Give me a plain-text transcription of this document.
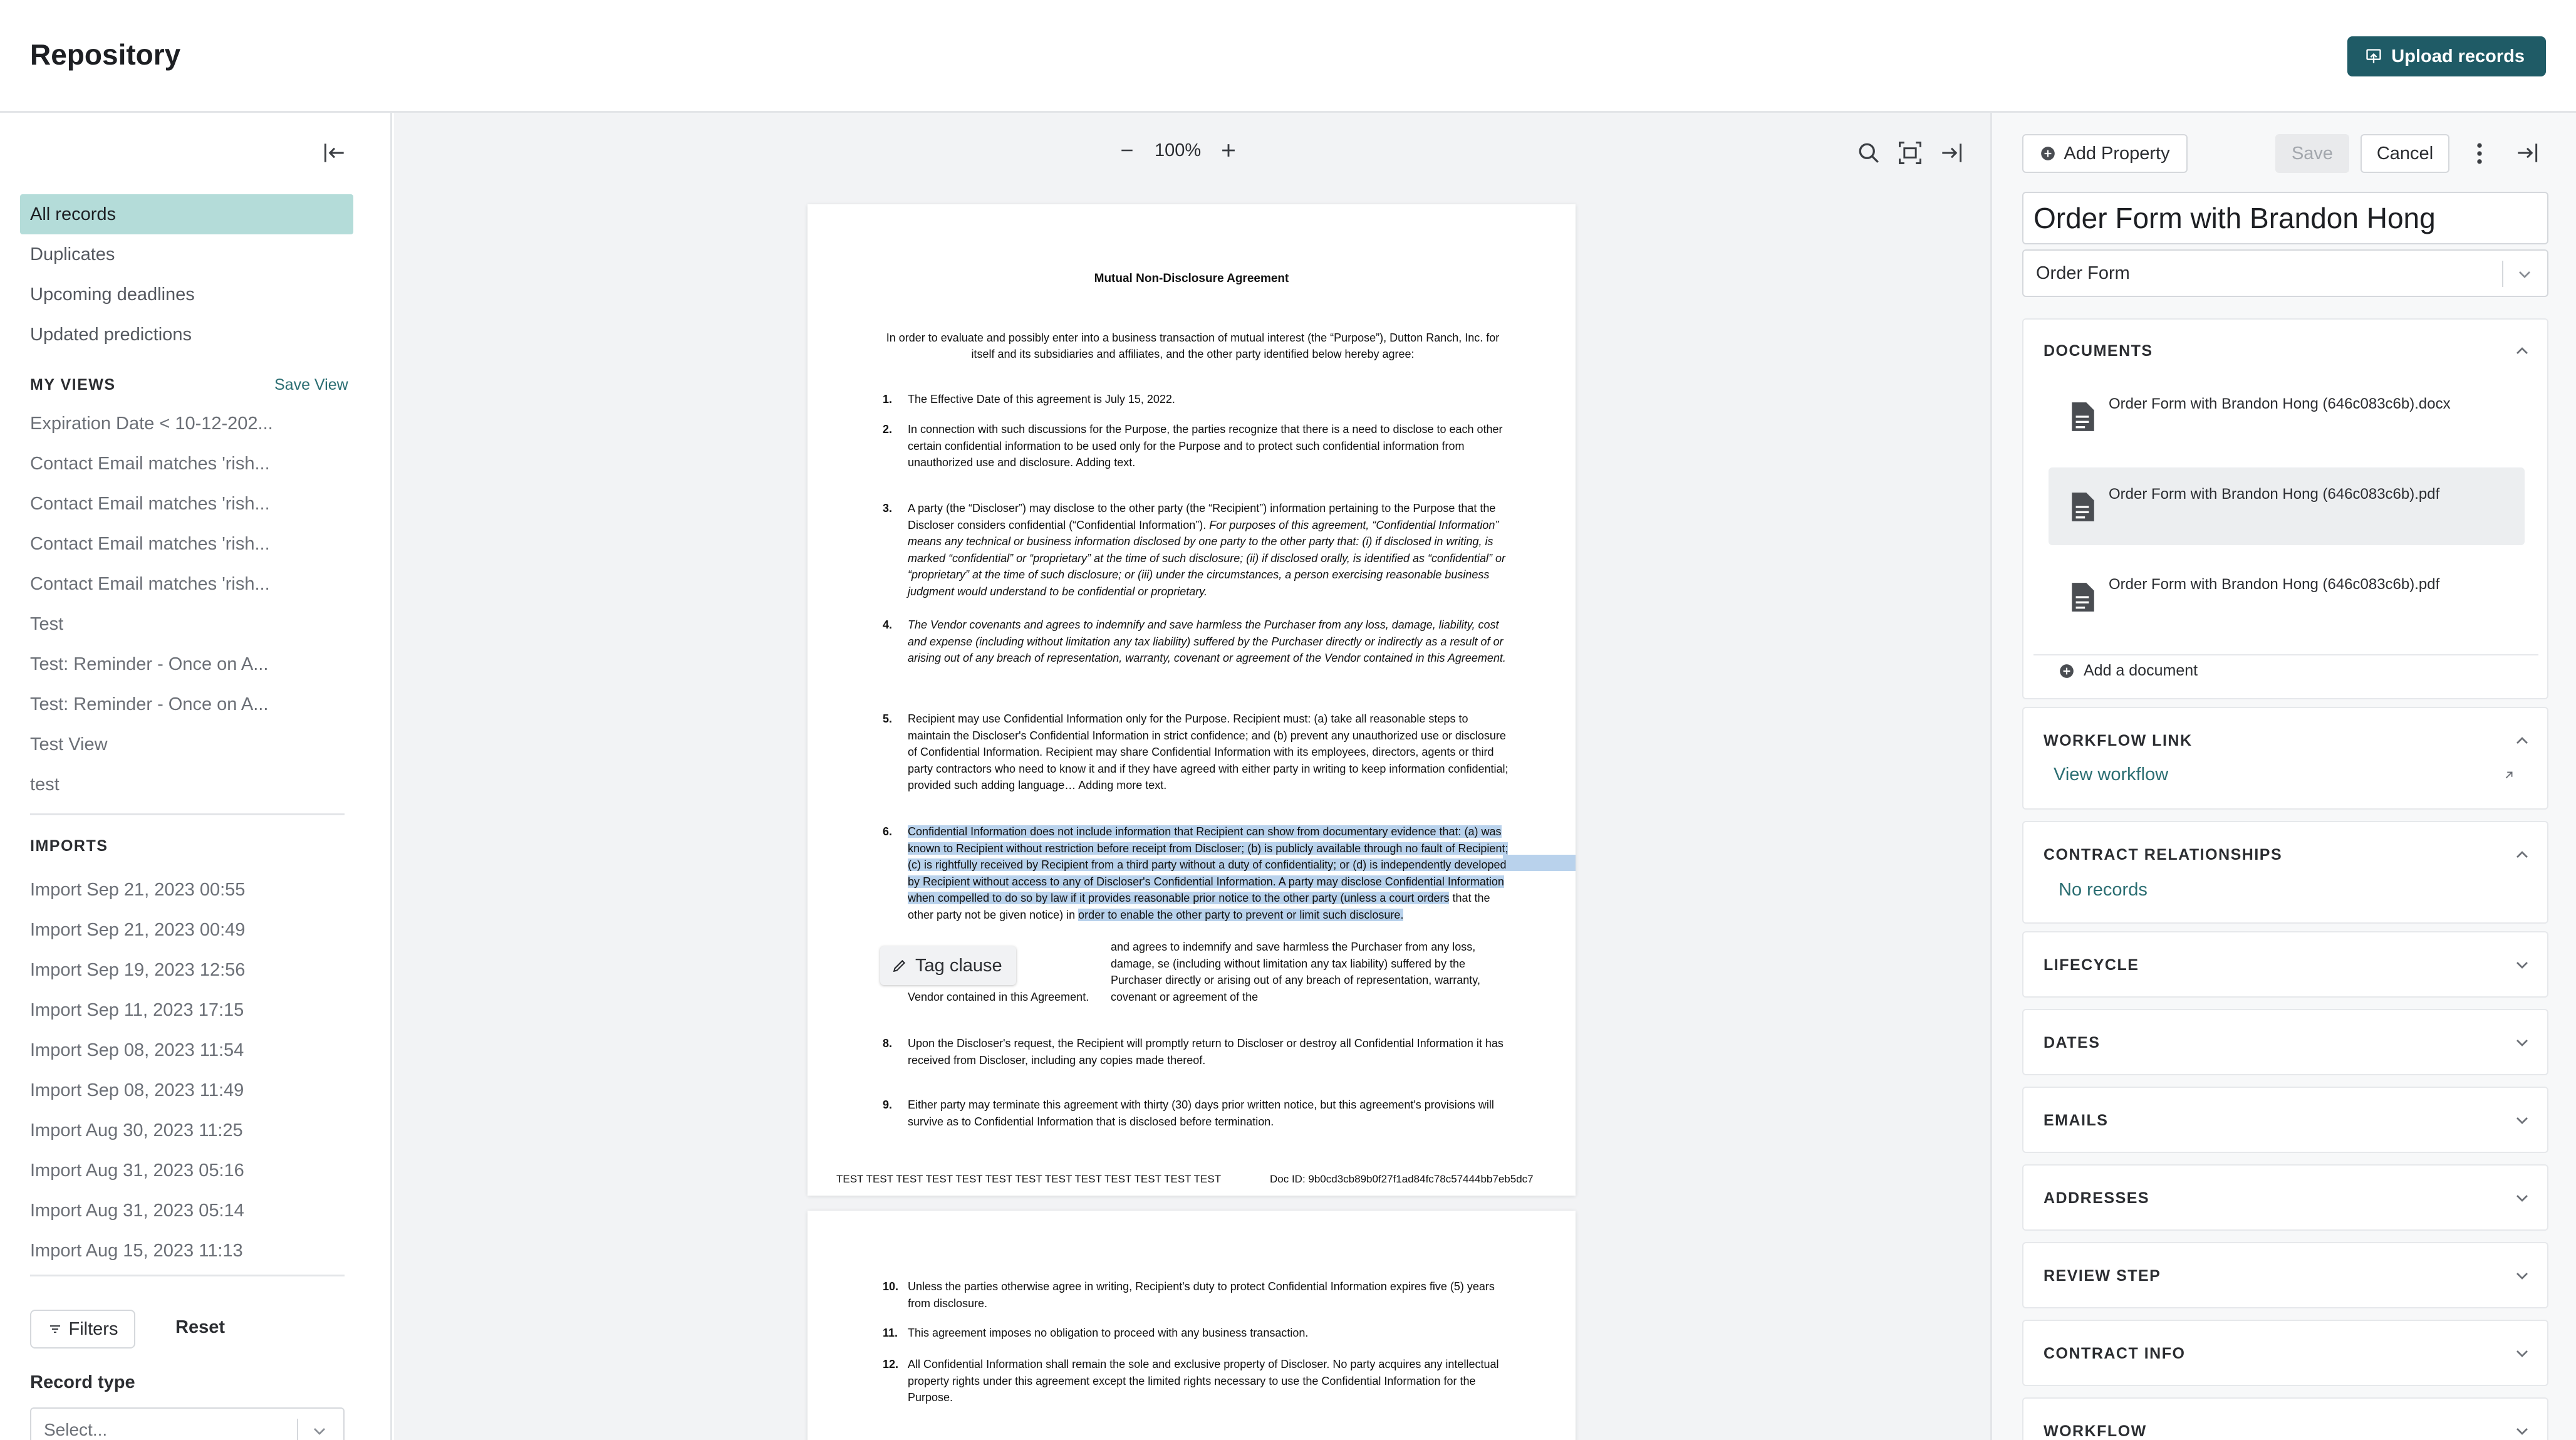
Repository	Upload records
All records
Duplicates
Upcoming deadlines
Updated predictions
MY VIEWS	Save View
Expiration Date < 10-12-202...
Contact Email matches 'rish...
Contact Email matches 'rish...
Contact Email matches 'rish...
Contact Email matches 'rish...
Test
Test: Reminder - Once on A...
Test: Reminder - Once on A...
Test View
test
IMPORTS
Import Sep 21, 2023 00:55
Import Sep 21, 2023 00:49
Import Sep 19, 2023 12:56
Import Sep 11, 2023 17:15
Import Sep 08, 2023 11:54
Import Sep 08, 2023 11:49
Import Aug 30, 2023 11:25
Import Aug 31, 2023 05:16
Import Aug 31, 2023 05:14
Import Aug 15, 2023 11:13
Filters	Reset
Record type
Select...
100%
Mutual Non-Disclosure Agreement
In order to evaluate and possibly enter into a business transaction of mutual interest (the “Purpose”), Dutton Ranch, Inc. for itself and its subsidiaries and affiliates, and the other party identified below hereby agree:
1.	The Effective Date of this agreement is July 15, 2022.
2.	In connection with such discussions for the Purpose, the parties recognize that there is a need to disclose to each other certain confidential information to be used only for the Purpose and to protect such confidential information from unauthorized use and disclosure. Adding text.
3.	A party (the “Discloser”) may disclose to the other party (the “Recipient”) information pertaining to the Purpose that the Discloser considers confidential (“Confidential Information”). For purposes of this agreement, “Confidential Information” means any technical or business information disclosed by one party to the other party that: (i) if disclosed in writing, is marked “confidential” or “proprietary” at the time of such disclosure; (ii) if disclosed orally, is identified as “confidential” or “proprietary” at the time of such disclosure; or (iii) under the circumstances, a person exercising reasonable business judgment would understand to be confidential or proprietary.
4.	The Vendor covenants and agrees to indemnify and save harmless the Purchaser from any loss, damage, liability, cost and expense (including without limitation any tax liability) suffered by the Purchaser directly or indirectly as a result of or arising out of any breach of representation, warranty, covenant or agreement of the Vendor contained in this Agreement.
5.	Recipient may use Confidential Information only for the Purpose. Recipient must: (a) take all reasonable steps to maintain the Discloser's Confidential Information in strict confidence; and (b) prevent any unauthorized use or disclosure of Confidential Information. Recipient may share Confidential Information with its employees, directors, agents or third party contractors who need to know it and if they have agreed with either party in writing to keep information confidential; provided such adding language… Adding more text.
6.	Confidential Information does not include information that Recipient can show from documentary evidence that: (a) was known to Recipient without restriction before receipt from Discloser; (b) is publicly available through no fault of Recipient; (c) is rightfully received by Recipient from a third party without a duty of confidentiality; or (d) is independently developed by Recipient without access to any of Discloser's Confidential Information. A party may disclose Confidential Information when compelled to do so by law if it provides reasonable prior notice to the other party (unless a court orders that the other party not be given notice) in order to enable the other party to prevent or limit such disclosure.
and agrees to indemnify and save harmless the Purchaser from any loss, damage, se (including without limitation any tax liability) suffered by the Purchaser directly or arising out of any breach of representation, warranty, covenant or agreement of the
Vendor contained in this Agreement.
Tag clause
8.	Upon the Discloser's request, the Recipient will promptly return to Discloser or destroy all Confidential Information it has received from Discloser, including any copies made thereof.
9.	Either party may terminate this agreement with thirty (30) days prior written notice, but this agreement's provisions will survive as to Confidential Information that is disclosed before termination.
TEST TEST TEST TEST TEST TEST TEST TEST TEST TEST TEST TEST TEST	Doc ID: 9b0cd3cb89b0f27f1ad84fc78c57444bb7eb5dc7
10. Unless the parties otherwise agree in writing, Recipient's duty to protect Confidential Information expires five (5) years from disclosure.
11. This agreement imposes no obligation to proceed with any business transaction.
12. All Confidential Information shall remain the sole and exclusive property of Discloser. No party acquires any intellectual property rights under this agreement except the limited rights necessary to use the Confidential Information for the Purpose.
Add Property	Save	Cancel
Order Form with Brandon Hong
Order Form
DOCUMENTS
Order Form with Brandon Hong (646c083c6b).docx
Order Form with Brandon Hong (646c083c6b).pdf
Order Form with Brandon Hong (646c083c6b).pdf
Add a document
WORKFLOW LINK
View workflow
CONTRACT RELATIONSHIPS
No records
LIFECYCLE
DATES
EMAILS
ADDRESSES
REVIEW STEP
CONTRACT INFO
WORKFLOW
